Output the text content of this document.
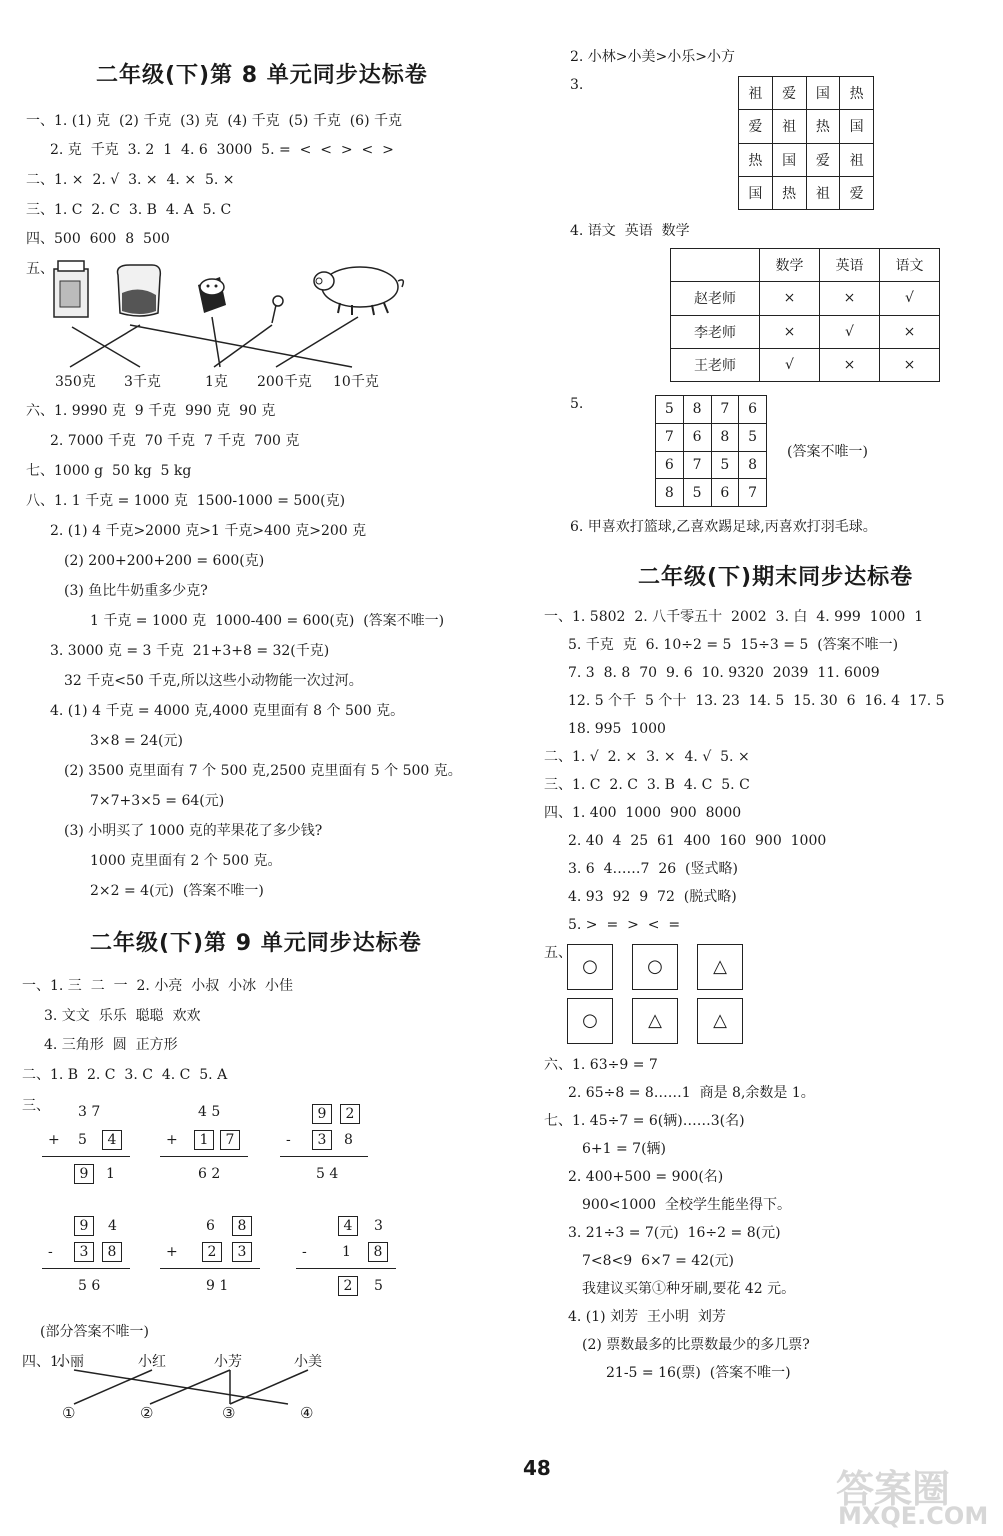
二年级(下)第 8 单元同步达标卷
一、1. (1) 克  (2) 千克  (3) 克  (4) 千克  (5) 千克  (6) 千克
2. 克  千克  3. 2  1  4. 6  3000  5. =  <  <  >  <  >
二、1. ×  2. √  3. ×  4. ×  5. ×
三、1. C  2. C  3. B  4. A  5. C
四、500  600  8  500
五、
350克 3千克	1克 200千克 10千克
六、1. 9990 克  9 千克  990 克  90 克
2. 7000 千克  70 千克  7 千克  700 克
七、1000 g  50 kg  5 kg
八、1. 1 千克 = 1000 克  1500-1000 = 500(克)
2. (1) 4 千克>2000 克>1 千克>400 克>200 克
(2) 200+200+200 = 600(克)
(3) 鱼比牛奶重多少克?
1 千克 = 1000 克  1000-400 = 600(克)  (答案不唯一)
3. 3000 克 = 3 千克  21+3+8 = 32(千克)
32 千克<50 千克,所以这些小动物能一次过河。
4. (1) 4 千克 = 4000 克,4000 克里面有 8 个 500 克。
3×8 = 24(元)
(2) 3500 克里面有 7 个 500 克,2500 克里面有 5 个 500 克。
7×7+3×5 = 64(元)
(3) 小明买了 1000 克的苹果花了多少钱?
1000 克里面有 2 个 500 克。
2×2 = 4(元)  (答案不唯一)
二年级(下)第 9 单元同步达标卷
一、1. 三  二  一  2. 小亮  小叔  小冰  小佳
3. 文文  乐乐  聪聪  欢欢
4. 三角形  圆  正方形
二、1. B  2. C  3. C  4. C  5. A
三、 3 7
+ 5	4
9	1
4 5
+	1	7
6 2
9	2
-	3	8
5 4
9	4
-	3	8
5 6
6	8
+	2	3
9 1
4	3
-	1	8
2	5
(部分答案不唯一)
四、1.
小丽	小红	小芳	小美
①	②	③	④
2. 小林>小美>小乐>小方
3.
祖	爱	国	热
爱	祖	热	国
热	国	爱	祖
国	热	祖	爱
4. 语文  英语  数学
	数学	英语	语文
赵老师	×	×	√
李老师	×	√	×
王老师	√	×	×
5.	5	8	7	6
7	6	8	5
6	7	5	8
8	5	6	7
(答案不唯一)
6. 甲喜欢打篮球,乙喜欢踢足球,丙喜欢打羽毛球。
二年级(下)期末同步达标卷
一、1. 5802  2. 八千零五十  2002  3. 白  4. 999  1000  1
5. 千克  克  6. 10÷2 = 5  15÷3 = 5  (答案不唯一)
7. 3  8. 8  70  9. 6  10. 9320  2039  11. 6009
12. 5 个千  5 个十  13. 23  14. 5  15. 30  6  16. 4  17. 5
18. 995  1000
二、1. √  2. ×  3. ×  4. √  5. ×
三、1. C  2. C  3. B  4. C  5. C
四、1. 400  1000  900  8000
2. 40  4  25  61  400  160  900  1000
3. 6  4……7  26  (竖式略)
4. 93  92  9  72  (脱式略)
5. >  =  >  <  =
五、
○	○	△
○	△	△
六、1. 63÷9 = 7
2. 65÷8 = 8……1  商是 8,余数是 1。
七、1. 45÷7 = 6(辆)……3(名)
6+1 = 7(辆)
2. 400+500 = 900(名)
900<1000  全校学生能坐得下。
3. 21÷3 = 7(元)  16÷2 = 8(元)
7<8<9  6×7 = 42(元)
我建议买第①种牙刷,要花 42 元。
4. (1) 刘芳  王小明  刘芳
(2) 票数最多的比票数最少的多几票?
21-5 = 16(票)  (答案不唯一)
48	答案圈
MXQE.COM
